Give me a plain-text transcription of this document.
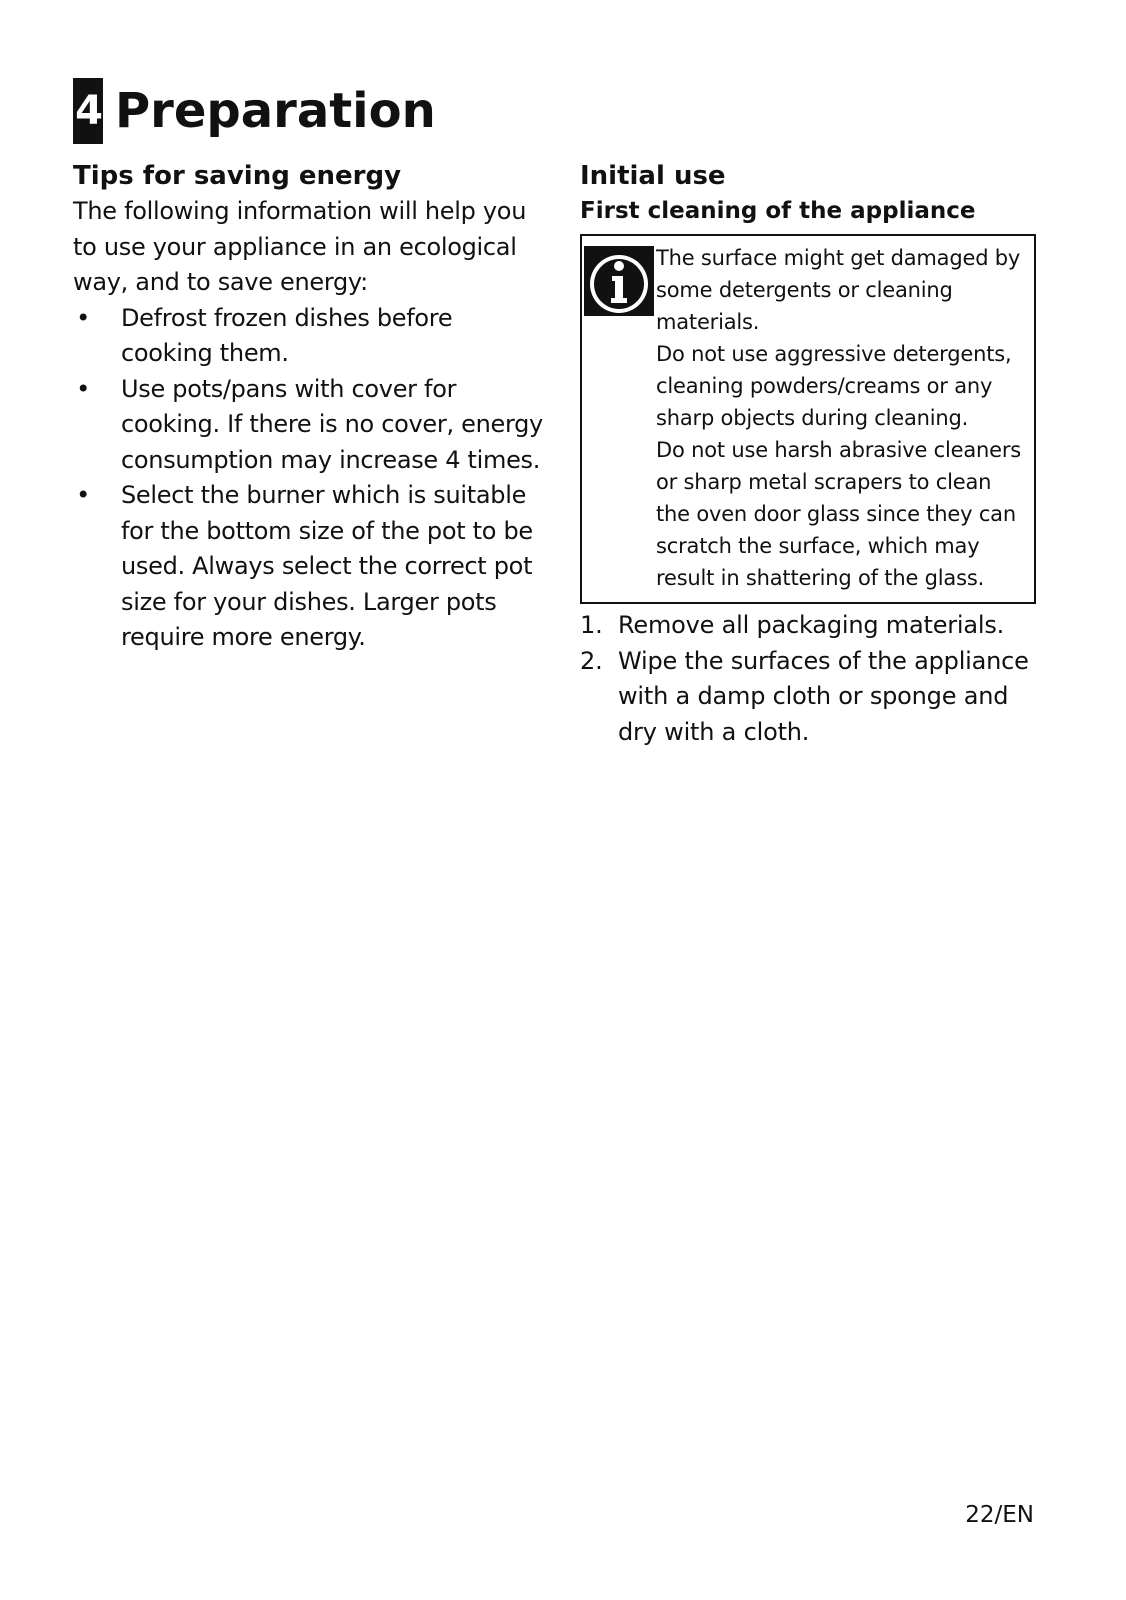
4 Preparation
Tips for saving energy

The following information will help you to use your appliance in an ecological way, and to save energy:

• Defrost frozen dishes before cooking them.
• Use pots/pans with cover for cooking. If there is no cover, energy consumption may increase 4 times.
• Select the burner which is suitable for the bottom size of the pot to be used. Always select the correct pot size for your dishes. Larger pots require more energy.
Initial use
First cleaning of the appliance

The surface might get damaged by some detergents or cleaning materials.

Do not use aggressive detergents, cleaning powders/creams or any sharp objects during cleaning.

Do not use harsh abrasive cleaners or sharp metal scrapers to clean the oven door glass since they can scratch the surface, which may result in shattering of the glass.

1. Remove all packaging materials.
2. Wipe the surfaces of the appliance with a damp cloth or sponge and dry with a cloth.
22/EN
